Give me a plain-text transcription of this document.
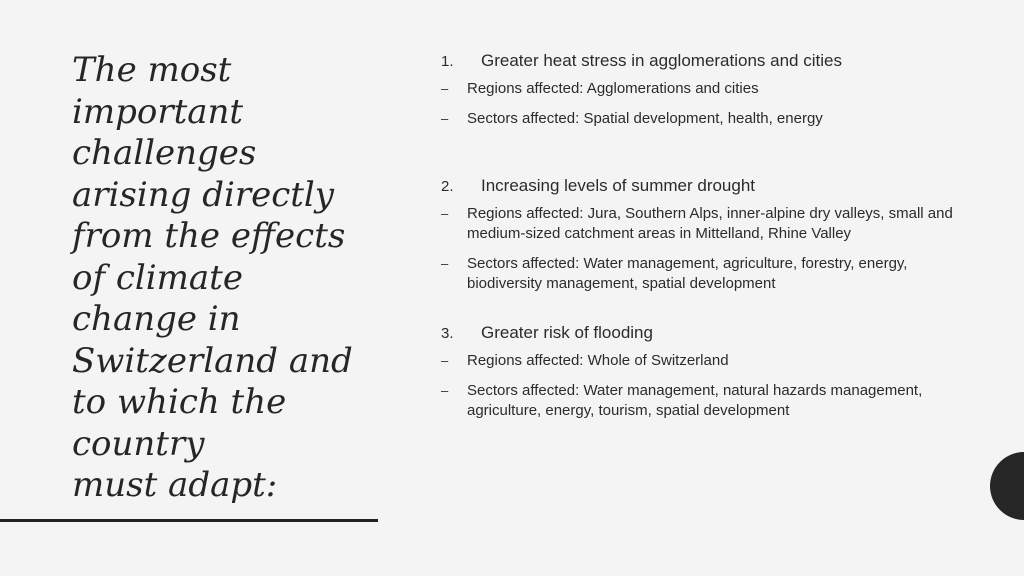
The most
important
challenges
arising directly
from the effects
of climate
change in
Switzerland and
to which the
country
must adapt:
1.	Greater heat stress in agglomerations and cities
–	Regions affected: Agglomerations and cities
–	Sectors affected: Spatial development, health, energy
2.	Increasing levels of summer drought
–	Regions affected: Jura, Southern Alps, inner-alpine dry valleys, small and medium-sized catchment areas in Mittelland, Rhine Valley
–	Sectors affected: Water management, agriculture, forestry, energy, biodiversity management, spatial development
3.	Greater risk of flooding
–	Regions affected: Whole of Switzerland
–	Sectors affected: Water management, natural hazards management, agriculture, energy, tourism, spatial development
